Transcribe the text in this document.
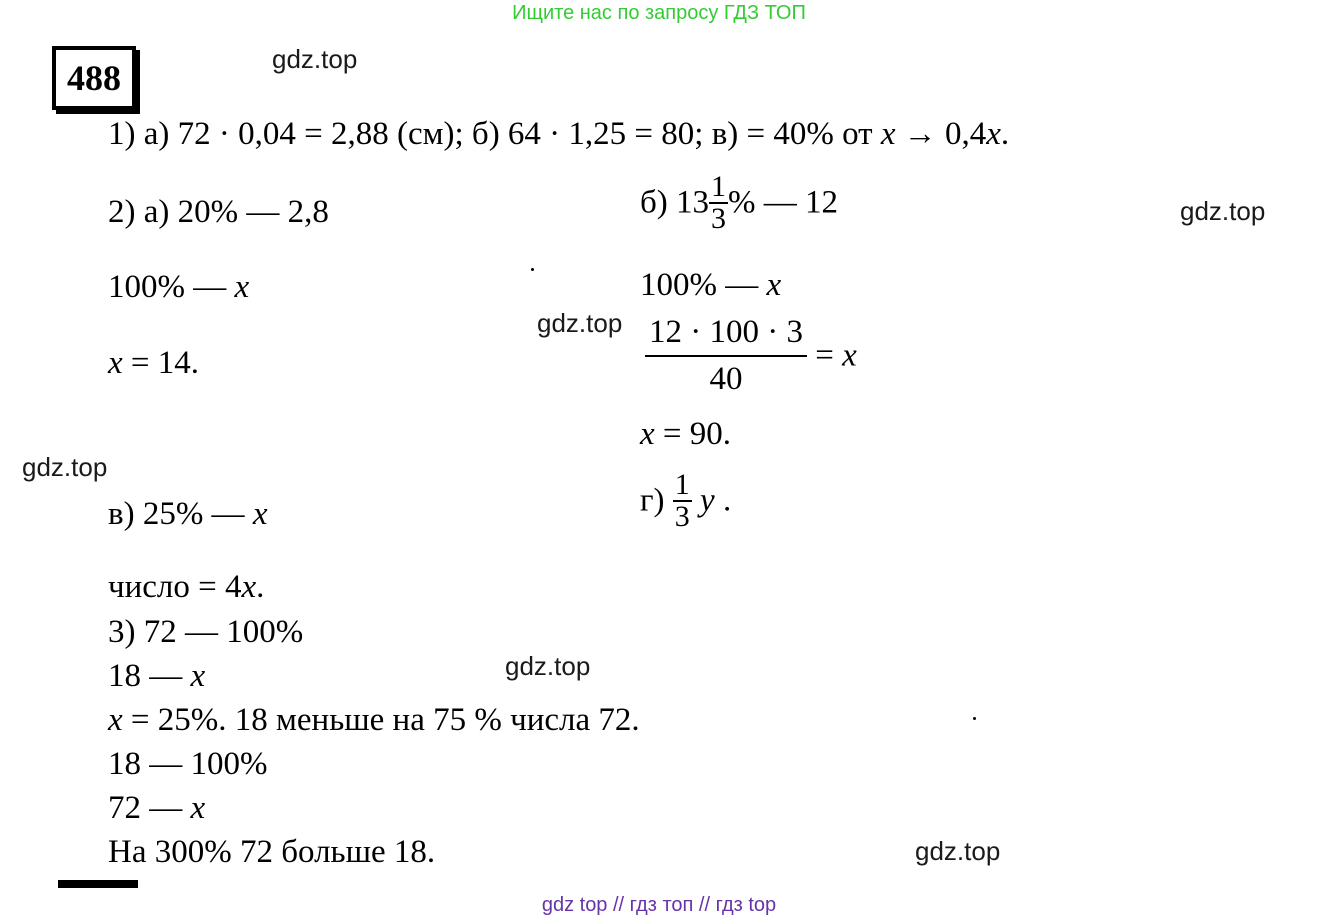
Ищите нас по запросу ГДЗ ТОП
488	gdz.top
gdz.top
gdz.top
gdz.top
gdz.top
gdz.top
1) а) 72 · 0,04 = 2,88 (см); б) 64 · 1,25 = 80; в) = 40% от x → 0,4x.
2) а) 20% — 2,8
100% — x
x = 14.
б) $13 \frac{1}{3}$ % — 12
100% — x
$\frac{12 \cdot 100 \cdot 3}{40} = x$
x = 90.
в) 25% — x
число = 4x.
$г) \frac{1}{3}$ y .
3) 72 — 100%
18 — x
x = 25%. 18 меньше на 75 % числа 72.
18 — 100%
72 — x
На 300% 72 больше 18.
gdz top // гдз топ // гдз top
